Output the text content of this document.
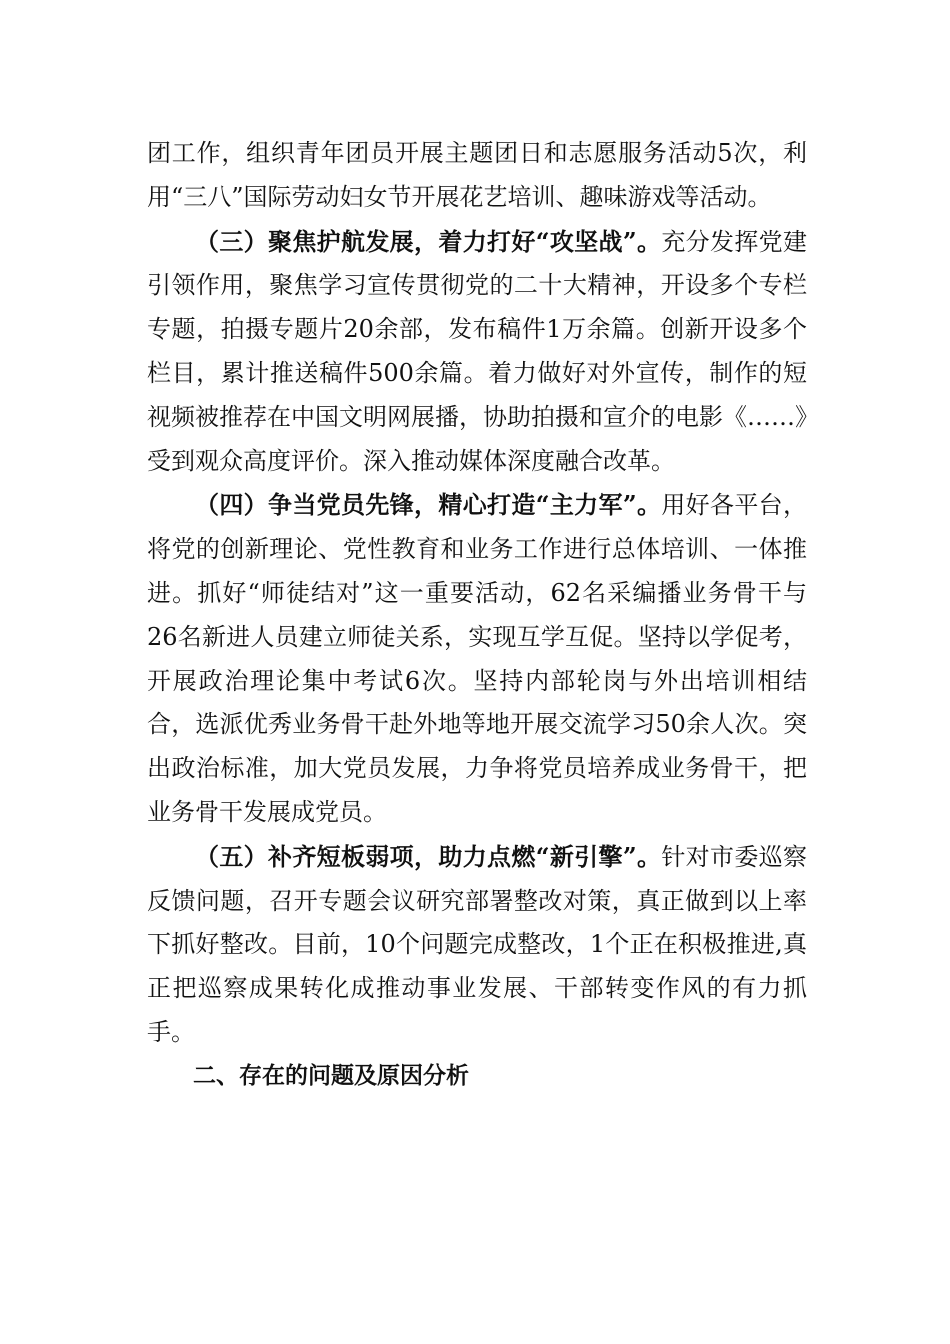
团工作，组织青年团员开展主题团日和志愿服务活动5次，利用“三八”国际劳动妇女节开展花艺培训、趣味游戏等活动。

（三）聚焦护航发展，着力打好“攻坚战”。充分发挥党建引领作用，聚焦学习宣传贯彻党的二十大精神，开设多个专栏专题，拍摄专题片20余部，发布稿件1万余篇。创新开设多个栏目，累计推送稿件500余篇。着力做好对外宣传，制作的短视频被推荐在中国文明网展播，协助拍摄和宣介的电影《……》受到观众高度评价。深入推动媒体深度融合改革。

（四）争当党员先锋，精心打造“主力军”。用好各平台，将党的创新理论、党性教育和业务工作进行总体培训、一体推进。抓好“师徒结对”这一重要活动，62名采编播业务骨干与26名新进人员建立师徒关系，实现互学互促。坚持以学促考，开展政治理论集中考试6次。坚持内部轮岗与外出培训相结合，选派优秀业务骨干赴外地等地开展交流学习50余人次。突出政治标准，加大党员发展，力争将党员培养成业务骨干，把业务骨干发展成党员。

（五）补齐短板弱项，助力点燃“新引擎”。针对市委巡察反馈问题，召开专题会议研究部署整改对策，真正做到以上率下抓好整改。目前，10个问题完成整改，1个正在积极推进,真正把巡察成果转化成推动事业发展、干部转变作风的有力抓手。

二、存在的问题及原因分析
